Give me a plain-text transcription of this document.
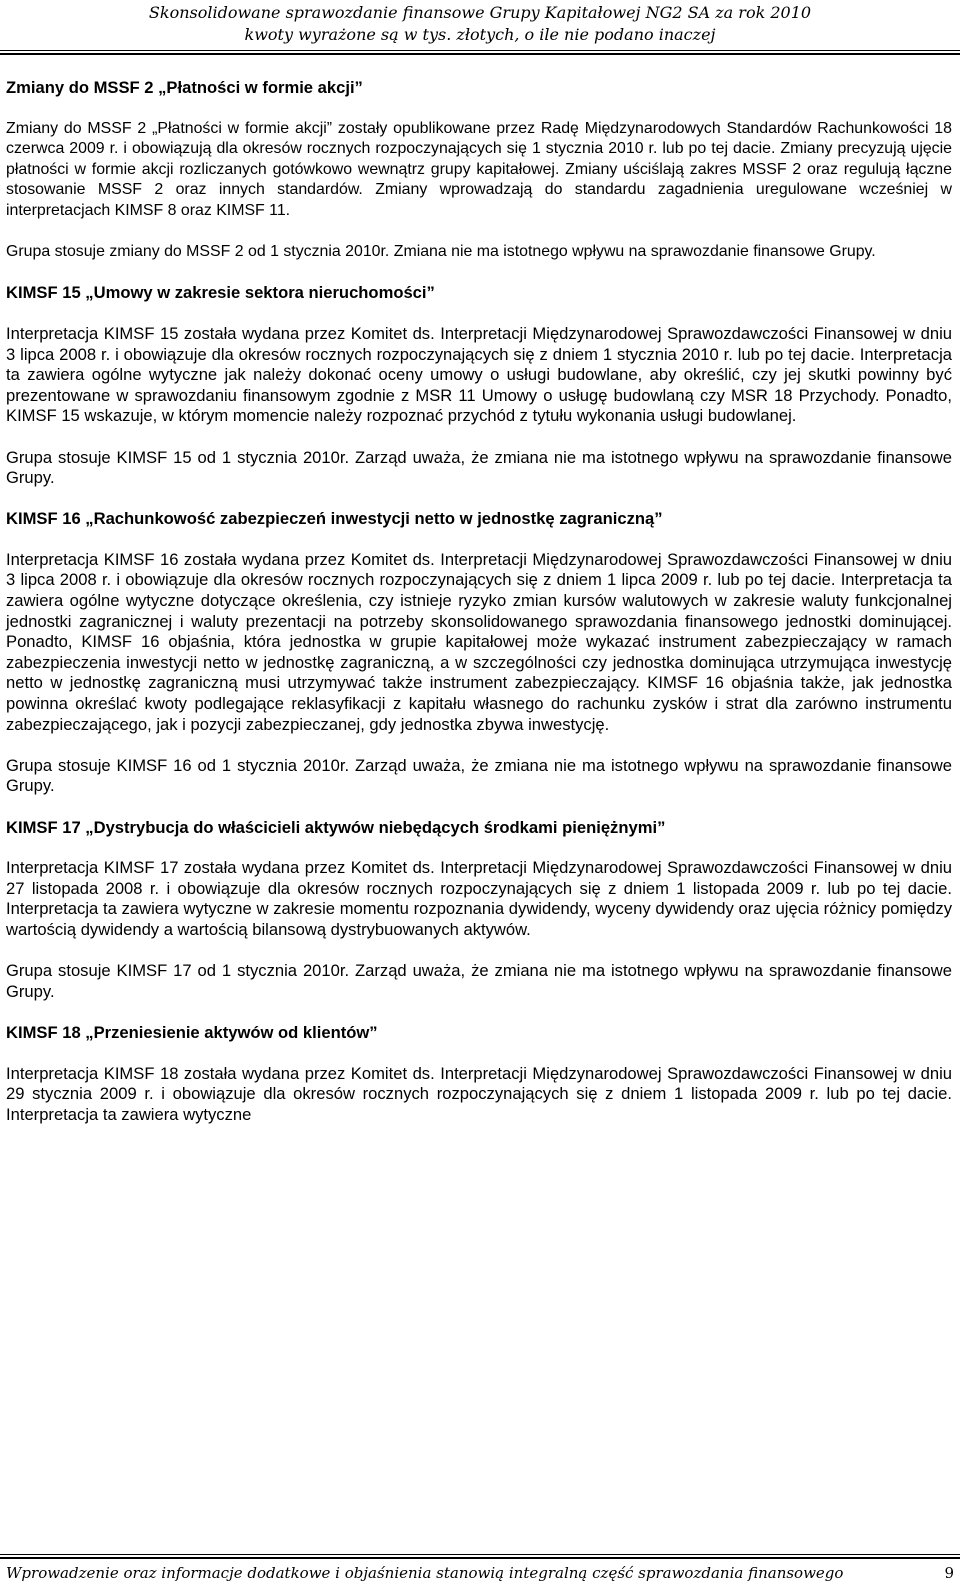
Skonsolidowane sprawozdanie finansowe Grupy Kapitałowej NG2 SA za rok 2010
kwoty wyrażone są w tys. złotych, o ile nie podano inaczej
Zmiany do MSSF 2 „Płatności w formie akcji”

Zmiany do MSSF 2 „Płatności w formie akcji” zostały opublikowane przez Radę Międzynarodowych Standardów Rachunkowości 18 czerwca 2009 r. i obowiązują dla okresów rocznych rozpoczynających się 1 stycznia 2010 r. lub po tej dacie. Zmiany precyzują ujęcie płatności w formie akcji rozliczanych gotówkowo wewnątrz grupy kapitałowej. Zmiany uściślają zakres MSSF 2 oraz regulują łączne stosowanie MSSF 2 oraz innych standardów. Zmiany wprowadzają do standardu zagadnienia uregulowane wcześniej w interpretacjach KIMSF 8 oraz KIMSF 11.

Grupa stosuje zmiany do MSSF 2 od 1 stycznia 2010r. Zmiana nie ma istotnego wpływu na sprawozdanie finansowe Grupy.

KIMSF 15 „Umowy w zakresie sektora nieruchomości”

Interpretacja KIMSF 15 została wydana przez Komitet ds. Interpretacji Międzynarodowej Sprawozdawczości Finansowej w dniu 3 lipca 2008 r. i obowiązuje dla okresów rocznych rozpoczynających się z dniem 1 stycznia 2010 r. lub po tej dacie. Interpretacja ta zawiera ogólne wytyczne jak należy dokonać oceny umowy o usługi budowlane, aby określić, czy jej skutki powinny być prezentowane w sprawozdaniu finansowym zgodnie z MSR 11 Umowy o usługę budowlaną czy MSR 18 Przychody. Ponadto, KIMSF 15 wskazuje, w którym momencie należy rozpoznać przychód z tytułu wykonania usługi budowlanej.

Grupa stosuje KIMSF 15 od 1 stycznia 2010r. Zarząd uważa, że zmiana nie ma istotnego wpływu na sprawozdanie finansowe Grupy.

KIMSF 16 „Rachunkowość zabezpieczeń inwestycji netto w jednostkę zagraniczną”

Interpretacja KIMSF 16 została wydana przez Komitet ds. Interpretacji Międzynarodowej Sprawozdawczości Finansowej w dniu 3 lipca 2008 r. i obowiązuje dla okresów rocznych rozpoczynających się z dniem 1 lipca 2009 r. lub po tej dacie. Interpretacja ta zawiera ogólne wytyczne dotyczące określenia, czy istnieje ryzyko zmian kursów walutowych w zakresie waluty funkcjonalnej jednostki zagranicznej i waluty prezentacji na potrzeby skonsolidowanego sprawozdania finansowego jednostki dominującej. Ponadto, KIMSF 16 objaśnia, która jednostka w grupie kapitałowej może wykazać instrument zabezpieczający w ramach zabezpieczenia inwestycji netto w jednostkę zagraniczną, a w szczególności czy jednostka dominująca utrzymująca inwestycję netto w jednostkę zagraniczną musi utrzymywać także instrument zabezpieczający. KIMSF 16 objaśnia także, jak jednostka powinna określać kwoty podlegające reklasyfikacji z kapitału własnego do rachunku zysków i strat dla zarówno instrumentu zabezpieczającego, jak i pozycji zabezpieczanej, gdy jednostka zbywa inwestycję.

Grupa stosuje KIMSF 16 od 1 stycznia 2010r. Zarząd uważa, że zmiana nie ma istotnego wpływu na sprawozdanie finansowe Grupy.

KIMSF 17 „Dystrybucja do właścicieli aktywów niebędących środkami pieniężnymi”

Interpretacja KIMSF 17 została wydana przez Komitet ds. Interpretacji Międzynarodowej Sprawozdawczości Finansowej w dniu 27 listopada 2008 r. i obowiązuje dla okresów rocznych rozpoczynających się z dniem 1 listopada 2009 r. lub po tej dacie. Interpretacja ta zawiera wytyczne w zakresie momentu rozpoznania dywidendy, wyceny dywidendy oraz ujęcia różnicy pomiędzy wartością dywidendy a wartością bilansową dystrybuowanych aktywów.

Grupa stosuje KIMSF 17 od 1 stycznia 2010r. Zarząd uważa, że zmiana nie ma istotnego wpływu na sprawozdanie finansowe Grupy.

KIMSF 18 „Przeniesienie aktywów od klientów”

Interpretacja KIMSF 18 została wydana przez Komitet ds. Interpretacji Międzynarodowej Sprawozdawczości Finansowej w dniu 29 stycznia 2009 r. i obowiązuje dla okresów rocznych rozpoczynających się z dniem 1 listopada 2009 r. lub po tej dacie. Interpretacja ta zawiera wytyczne

Wprowadzenie oraz informacje dodatkowe i objaśnienia stanowią integralną część sprawozdania finansowego	9
